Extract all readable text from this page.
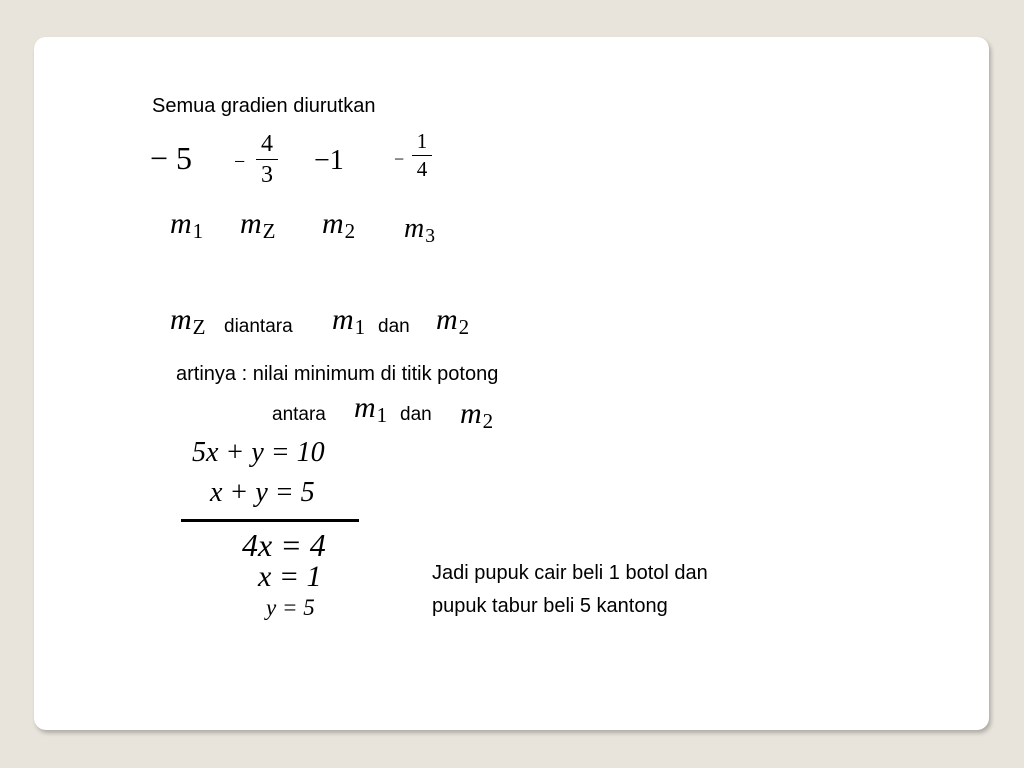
Semua gradien diurutkan
− 5 −
4
3 −1	−
1
4
m1 mZ m2 m3
mZ diantara m1 dan m2
artinya : nilai minimum di titik potong
antara m1 dan m2
5x + y = 10
x + y = 5
4x = 4
x = 1
y = 5
Jadi pupuk cair beli 1 botol dan
pupuk tabur beli 5 kantong
